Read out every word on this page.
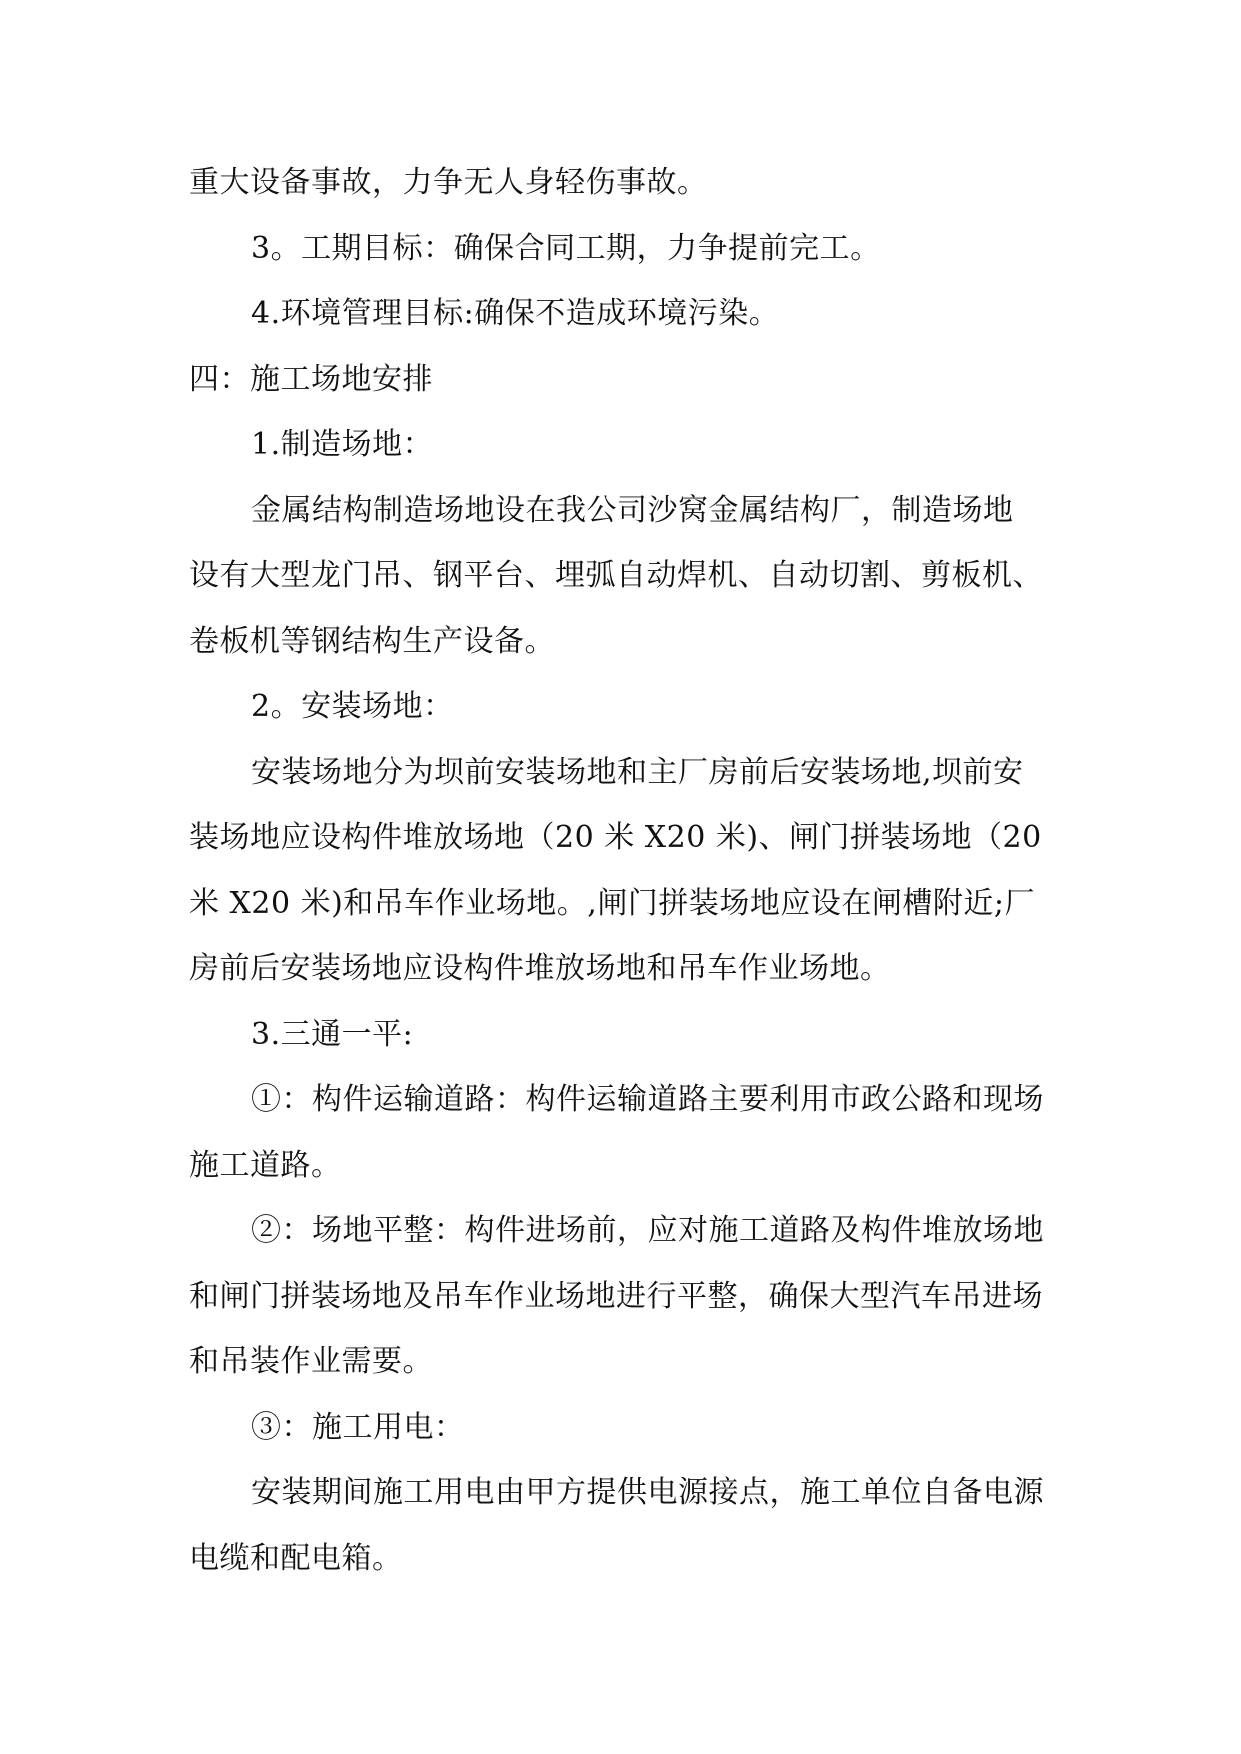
重大设备事故，力争无人身轻伤事故。
3。工期目标：确保合同工期，力争提前完工。
4.环境管理目标:确保不造成环境污染。
四：施工场地安排
1.制造场地：
金属结构制造场地设在我公司沙窝金属结构厂，制造场地
设有大型龙门吊、钢平台、埋弧自动焊机、自动切割、剪板机、
卷板机等钢结构生产设备。
2。安装场地：
安装场地分为坝前安装场地和主厂房前后安装场地,坝前安
装场地应设构件堆放场地（20 米 X20 米)、闸门拼装场地（20
米 X20 米)和吊车作业场地。,闸门拼装场地应设在闸槽附近;厂
房前后安装场地应设构件堆放场地和吊车作业场地。
3.三通一平:
①：构件运输道路：构件运输道路主要利用市政公路和现场
施工道路。
②：场地平整：构件进场前，应对施工道路及构件堆放场地
和闸门拼装场地及吊车作业场地进行平整，确保大型汽车吊进场
和吊装作业需要。
③：施工用电：
安装期间施工用电由甲方提供电源接点，施工单位自备电源
电缆和配电箱。
